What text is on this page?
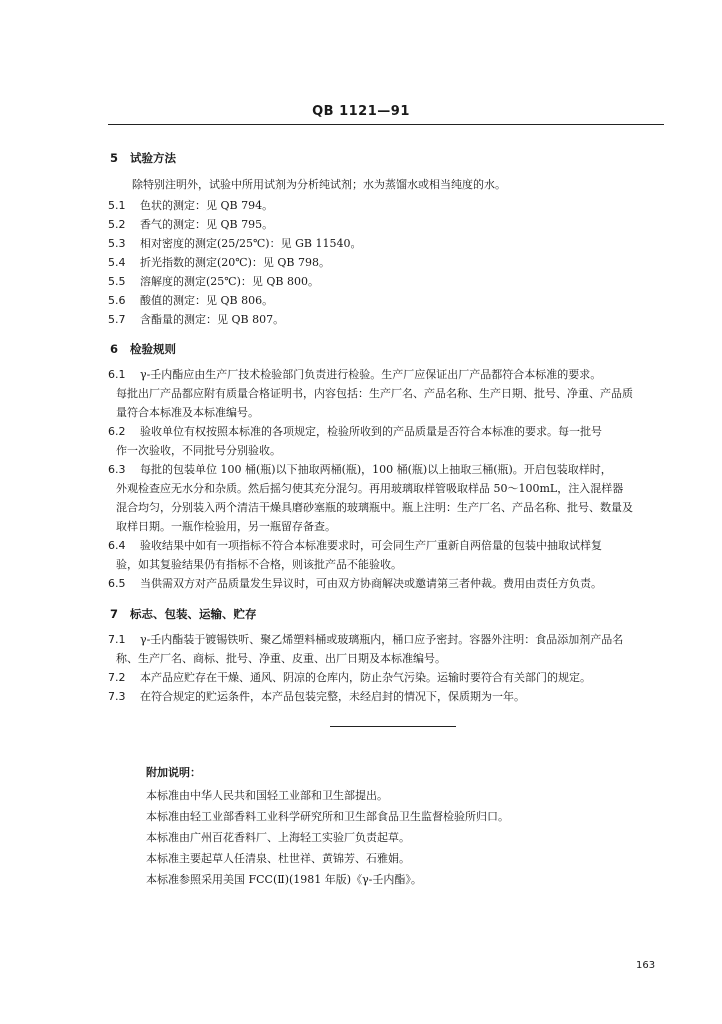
QB 1121—91
5 试验方法
除特别注明外，试验中所用试剂为分析纯试剂；水为蒸馏水或相当纯度的水。
5.1 色状的测定：见 QB 794。
5.2 香气的测定：见 QB 795。
5.3 相对密度的测定(25/25℃)：见 GB 11540。
5.4 折光指数的测定(20℃)：见 QB 798。
5.5 溶解度的测定(25℃)：见 QB 800。
5.6 酸值的测定：见 QB 806。
5.7 含酯量的测定：见 QB 807。
6 检验规则
6.1 γ-壬内酯应由生产厂技术检验部门负责进行检验。生产厂应保证出厂产品都符合本标准的要求。
每批出厂产品都应附有质量合格证明书，内容包括：生产厂名、产品名称、生产日期、批号、净重、产品质
量符合本标准及本标准编号。
6.2 验收单位有权按照本标准的各项规定，检验所收到的产品质量是否符合本标准的要求。每一批号
作一次验收，不同批号分别验收。
6.3 每批的包装单位 100 桶(瓶)以下抽取两桶(瓶)，100 桶(瓶)以上抽取三桶(瓶)。开启包装取样时，
外观检查应无水分和杂质。然后摇匀使其充分混匀。再用玻璃取样管吸取样品 50～100mL，注入混样器
混合均匀，分别装入两个清洁干燥具磨砂塞瓶的玻璃瓶中。瓶上注明：生产厂名、产品名称、批号、数量及
取样日期。一瓶作检验用，另一瓶留存备查。
6.4 验收结果中如有一项指标不符合本标准要求时，可会同生产厂重新自两倍量的包装中抽取试样复
验，如其复验结果仍有指标不合格，则该批产品不能验收。
6.5 当供需双方对产品质量发生异议时，可由双方协商解决或邀请第三者仲裁。费用由责任方负责。
7 标志、包装、运输、贮存
7.1 γ-壬内酯装于镀锡铁听、聚乙烯塑料桶或玻璃瓶内，桶口应予密封。容器外注明：食品添加剂产品名
称、生产厂名、商标、批号、净重、皮重、出厂日期及本标准编号。
7.2 本产品应贮存在干燥、通风、阴凉的仓库内，防止杂气污染。运输时要符合有关部门的规定。
7.3 在符合规定的贮运条件，本产品包装完整，未经启封的情况下，保质期为一年。
附加说明：
本标准由中华人民共和国轻工业部和卫生部提出。
本标准由轻工业部香料工业科学研究所和卫生部食品卫生监督检验所归口。
本标准由广州百花香料厂、上海轻工实验厂负责起草。
本标准主要起草人任清泉、杜世祥、黄锦芳、石雅娟。
本标准参照采用美国 FCC(Ⅱ)(1981 年版)《γ-壬内酯》。
163
